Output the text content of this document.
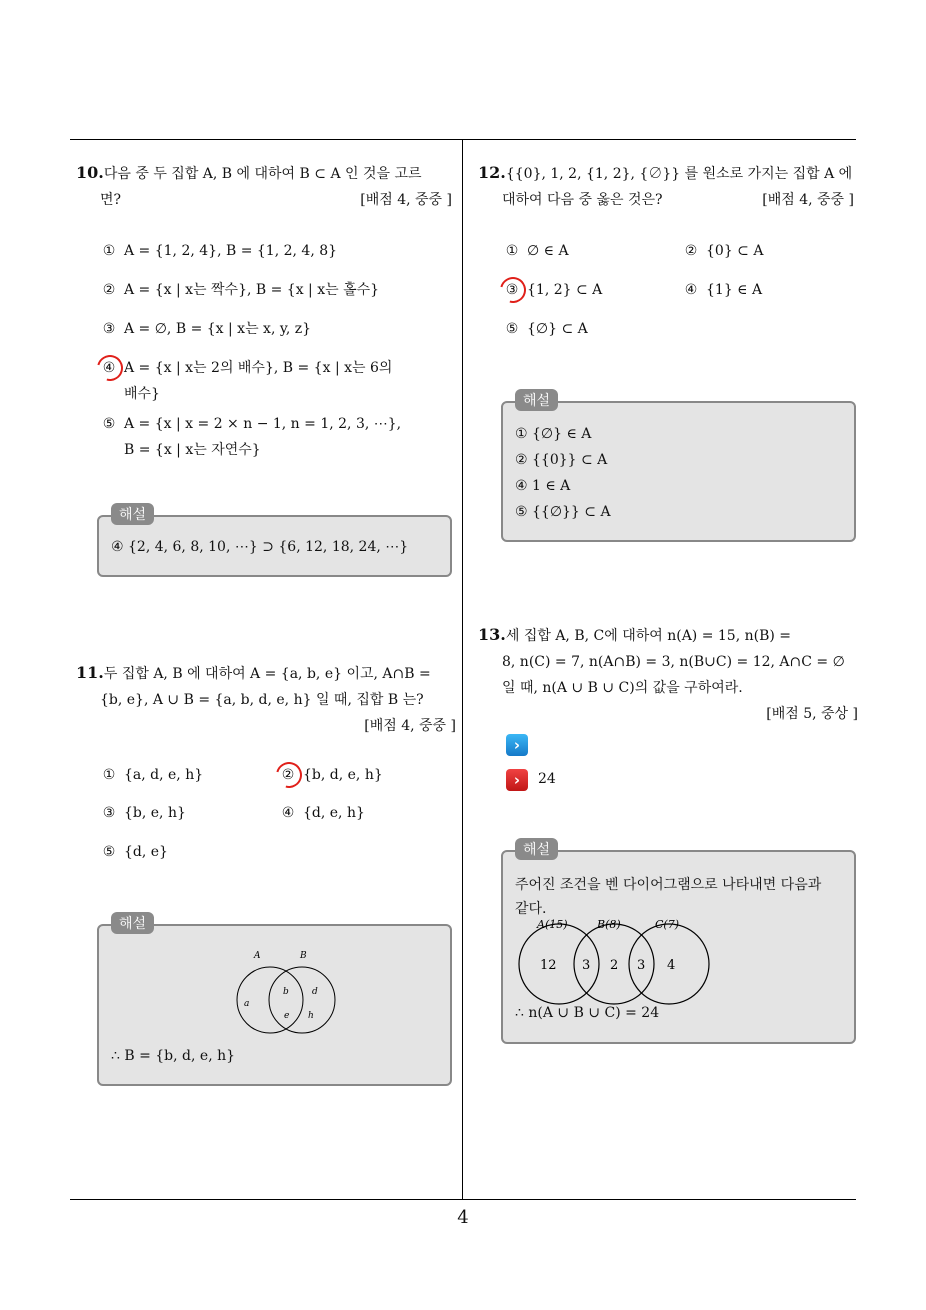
4
10.다음 중 두 집합 A, B 에 대하여 B ⊂ A 인 것을 고르
면?	[배점 4, 중중 ]
① A = {1, 2, 4}, B = {1, 2, 4, 8}
② A = {x | x는 짝수}, B = {x | x는 홀수}
③ A = ∅, B = {x | x는 x, y, z}
④ A = {x | x는 2의 배수}, B = {x | x는 6의
배수}
⑤ A = {x | x = 2 × n − 1, n = 1, 2, 3, ⋯},
B = {x | x는 자연수}
④ {2, 4, 6, 8, 10, ⋯} ⊃ {6, 12, 18, 24, ⋯}
해설
11.두 집합 A, B 에 대하여 A = {a, b, e} 이고, A∩B =
{b, e}, A ∪ B = {a, b, d, e, h} 일 때, 집합 B 는?
[배점 4, 중중 ]
① {a, d, e, h}	② {b, d, e, h}
③ {b, e, h}	④ {d, e, h}
⑤ {d, e}
A	B
a
b
e
d
h
∴ B = {b, d, e, h}
해설
12.{{0}, 1, 2, {1, 2}, {∅}} 를 원소로 가지는 집합 A 에
대하여 다음 중 옳은 것은?	[배점 4, 중중 ]
① ∅ ∈ A	② {0} ⊂ A
③ {1, 2} ⊂ A	④ {1} ∈ A
⑤ {∅} ⊂ A
① {∅} ∈ A
② {{0}} ⊂ A
④ 1 ∈ A
⑤ {{∅}} ⊂ A
해설
13.세 집합 A, B, C에 대하여 n(A) = 15, n(B) =
8, n(C) = 7, n(A∩B) = 3, n(B∪C) = 12, A∩C = ∅
일 때, n(A ∪ B ∪ C)의 값을 구하여라.
[배점 5, 중상 ]
›
›	24
주어진 조건을 벤 다이어그램으로 나타내면 다음과
같다.
A(15)	B(8)	C(7)
12 3 2 3 4
∴ n(A ∪ B ∪ C) = 24
해설
